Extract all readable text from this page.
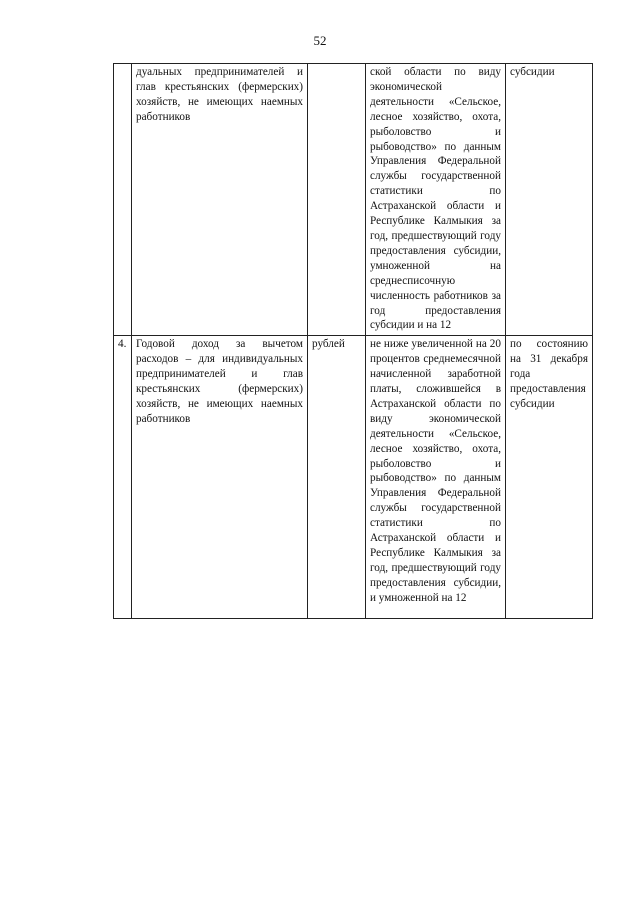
52
	дуальных предпринимателей и глав крестьянских (фермерских) хозяйств, не имеющих наемных работников		ской области по виду экономической деятельности «Сельское, лесное хозяйство, охота, рыболовство и рыбоводство» по данным Управления Федеральной службы государственной статистики по Астраханской области и Республике Калмыкия за год, предшествующий году предоставления субсидии, умноженной на среднесписочную численность работников за год предоставления субсидии и на 12	субсидии
4.	Годовой доход за вычетом расходов – для индивидуальных предпринимателей и глав крестьянских (фермерских) хозяйств, не имеющих наемных работников	рублей	не ниже увеличенной на 20 процентов среднемесячной начисленной заработной платы, сложившейся в Астраханской области по виду экономической деятельности «Сельское, лесное хозяйство, охота, рыболовство и рыбоводство» по данным Управления Федеральной службы государственной статистики по Астраханской области и Республике Калмыкия за год, предшествующий году предоставления субсидии, и умноженной на 12	по состоянию на 31 декабря года предоставления субсидии
